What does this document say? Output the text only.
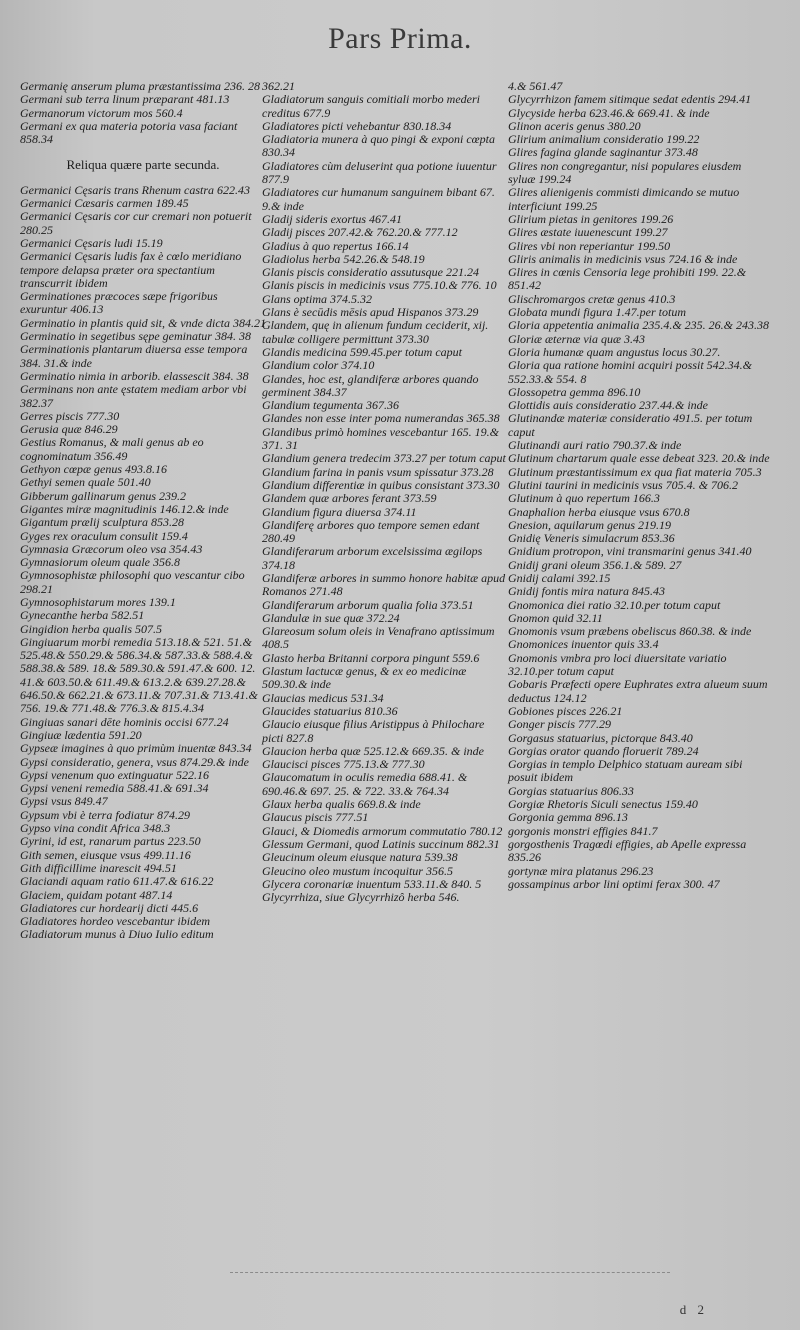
Pars Prima.

Germanię anserum pluma præstantissima 236. 28

Germani sub terra linum præparant 481.13

Germanorum victorum mos 560.4

Germani ex qua materia potoria vasa faciant 858.34

Reliqua quære parte secunda.

Germanici Cęsaris trans Rhenum castra 622.43

Germanici Cæsaris carmen 189.45

Germanici Cęsaris cor cur cremari non potuerit 280.25

Germanici Cęsaris ludi 15.19

Germanici Cęsaris ludis fax è cœlo meridiano tempore delapsa præter ora spectantium transcurrit ibidem

Germinationes præcoces sæpe frigoribus exuruntur 406.13

Germinatio in plantis quid sit, & vnde dicta 384.21

Germinatio in segetibus sępe geminatur 384. 38

Germinationis plantarum diuersa esse tempora 384. 31.& inde

Germinatio nimia in arborib. elassescit 384. 38

Germinans non ante ęstatem mediam arbor vbi 382.37

Gerres piscis 777.30

Gerusia quæ 846.29

Gestius Romanus, & mali genus ab eo cognominatum 356.49

Gethyon cœpæ genus 493.8.16

Gethyi semen quale 501.40

Gibberum gallinarum genus 239.2

Gigantes miræ magnitudinis 146.12.& inde

Gigantum prælij sculptura 853.28

Gyges rex oraculum consulit 159.4

Gymnasia Græcorum oleo vsa 354.43

Gymnasiorum oleum quale 356.8

Gymnosophistæ philosophi quo vescantur cibo 298.21

Gymnosophistarum mores 139.1

Gynecanthe herba 582.51

Gingidion herba qualis 507.5

Gingiuarum morbi remedia 513.18.& 521. 51.& 525.48.& 550.29.& 586.34.& 587.33.& 588.4.& 588.38.& 589. 18.& 589.30.& 591.47.& 600. 12. 41.& 603.50.& 611.49.& 613.2.& 639.27.28.& 646.50.& 662.21.& 673.11.& 707.31.& 713.41.& 756. 19.& 771.48.& 776.3.& 815.4.34

Gingiuas sanari dēte hominis occisi 677.24

Gingiuæ lædentia 591.20

Gypseæ imagines à quo primùm inuentæ 843.34

Gypsi consideratio, genera, vsus 874.29.& inde

Gypsi venenum quo extinguatur 522.16

Gypsi veneni remedia 588.41.& 691.34

Gypsi vsus 849.47

Gypsum vbi è terra fodiatur 874.29

Gypso vina condit Africa 348.3

Gyrini, id est, ranarum partus 223.50

Gith semen, eiusque vsus 499.11.16

Gith difficillime inarescit 494.51

Glaciandi aquam ratio 611.47.& 616.22

Glaciem, quidam potant 487.14

Gladiatores cur hordearij dicti 445.6

Gladiatores hordeo vescebantur ibidem

Gladiatorum munus à Diuo Iulio editum

362.21

Gladiatorum sanguis comitiali morbo mederi creditus 677.9

Gladiatores picti vehebantur 830.18.34

Gladiatoria munera à quo pingi & exponi cœpta 830.34

Gladiatores cùm deluserint qua potione iuuentur 877.9

Gladiatores cur humanum sanguinem bibant 67. 9.& inde

Gladij sideris exortus 467.41

Gladij pisces 207.42.& 762.20.& 777.12

Gladius à quo repertus 166.14

Gladiolus herba 542.26.& 548.19

Glanis piscis consideratio assutusque 221.24

Glanis piscis in medicinis vsus 775.10.& 776. 10

Glans optima 374.5.32

Glans è secūdis mēsis apud Hispanos 373.29

Glandem, quę in alienum fundum ceciderit, xij. tabulæ colligere permittunt 373.30

Glandis medicina 599.45.per totum caput

Glandium color 374.10

Glandes, hoc est, glandiferæ arbores quando germinent 384.37

Glandium tegumenta 367.36

Glandes non esse inter poma numerandas 365.38

Glandibus primò homines vescebantur 165. 19.& 371. 31

Glandium genera tredecim 373.27 per totum caput

Glandium farina in panis vsum spissatur 373.28

Glandium differentiæ in quibus consistant 373.30

Glandem quæ arbores ferant 373.59

Glandium figura diuersa 374.11

Glandiferę arbores quo tempore semen edant 280.49

Glandiferarum arborum excelsissima ægilops 374.18

Glandiferæ arbores in summo honore habitæ apud Romanos 271.48

Glandiferarum arborum qualia folia 373.51

Glandulæ in sue quæ 372.24

Glareosum solum oleis in Venafrano aptissimum 408.5

Glasto herba Britanni corpora pingunt 559.6

Glastum lactucæ genus, & ex eo medicinæ 509.30.& inde

Glaucias medicus 531.34

Glaucides statuarius 810.36

Glaucio eiusque filius Aristippus à Philochare picti 827.8

Glaucion herba quæ 525.12.& 669.35. & inde

Glaucisci pisces 775.13.& 777.30

Glaucomatum in oculis remedia 688.41. & 690.46.& 697. 25. & 722. 33.& 764.34

Glaux herba qualis 669.8.& inde

Glaucus piscis 777.51

Glauci, & Diomedis armorum commutatio 780.12

Glessum Germani, quod Latinis succinum 882.31

Gleucinum oleum eiusque natura 539.38

Gleucino oleo mustum incoquitur 356.5

Glycera coronariæ inuentum 533.11.& 840. 5

Glycyrrhiza, siue Glycyrrhizô herba 546.

4.& 561.47

Glycyrrhizon famem sitimque sedat edentis 294.41

Glycyside herba 623.46.& 669.41. & inde

Glinon aceris genus 380.20

Glirium animalium consideratio 199.22

Glires fagina glande saginantur 373.48

Glires non congregantur, nisi populares eiusdem syluæ 199.24

Glires alienigenis commisti dimicando se mutuo interficiunt 199.25

Glirium pietas in genitores 199.26

Glires æstate iuuenescunt 199.27

Glires vbi non reperiantur 199.50

Gliris animalis in medicinis vsus 724.16 & inde

Glires in cœnis Censoria lege prohibiti 199. 22.& 851.42

Glischromargos cretæ genus 410.3

Globata mundi figura 1.47.per totum

Gloria appetentia animalia 235.4.& 235. 26.& 243.38

Gloriæ æternæ via quæ 3.43

Gloria humanæ quam angustus locus 30.27.

Gloria qua ratione homini acquiri possit 542.34.& 552.33.& 554. 8

Glossopetra gemma 896.10

Glottidis auis consideratio 237.44.& inde

Glutinandæ materiæ consideratio 491.5. per totum caput

Glutinandi auri ratio 790.37.& inde

Glutinum chartarum quale esse debeat 323. 20.& inde

Glutinum præstantissimum ex qua fiat materia 705.3

Glutini taurini in medicinis vsus 705.4. & 706.2

Glutinum à quo repertum 166.3

Gnaphalion herba eiusque vsus 670.8

Gnesion, aquilarum genus 219.19

Gnidię Veneris simulacrum 853.36

Gnidium protropon, vini transmarini genus 341.40

Gnidij grani oleum 356.1.& 589. 27

Gnidij calami 392.15

Gnidij fontis mira natura 845.43

Gnomonica diei ratio 32.10.per totum caput

Gnomon quid 32.11

Gnomonis vsum præbens obeliscus 860.38. & inde

Gnomonices inuentor quis 33.4

Gnomonis vmbra pro loci diuersitate variatio 32.10.per totum caput

Gobaris Præfecti opere Euphrates extra alueum suum deductus 124.12

Gobiones pisces 226.21

Gonger piscis 777.29

Gorgasus statuarius, pictorque 843.40

Gorgias orator quando floruerit 789.24

Gorgias in templo Delphico statuam auream sibi posuit ibidem

Gorgias statuarius 806.33

Gorgiæ Rhetoris Siculi senectus 159.40

Gorgonia gemma 896.13

gorgonis monstri effigies 841.7

gorgosthenis Tragœdi effigies, ab Apelle expressa 835.26

gortynæ mira platanus 296.23

gossampinus arbor lini optimi ferax 300. 47

d 2
